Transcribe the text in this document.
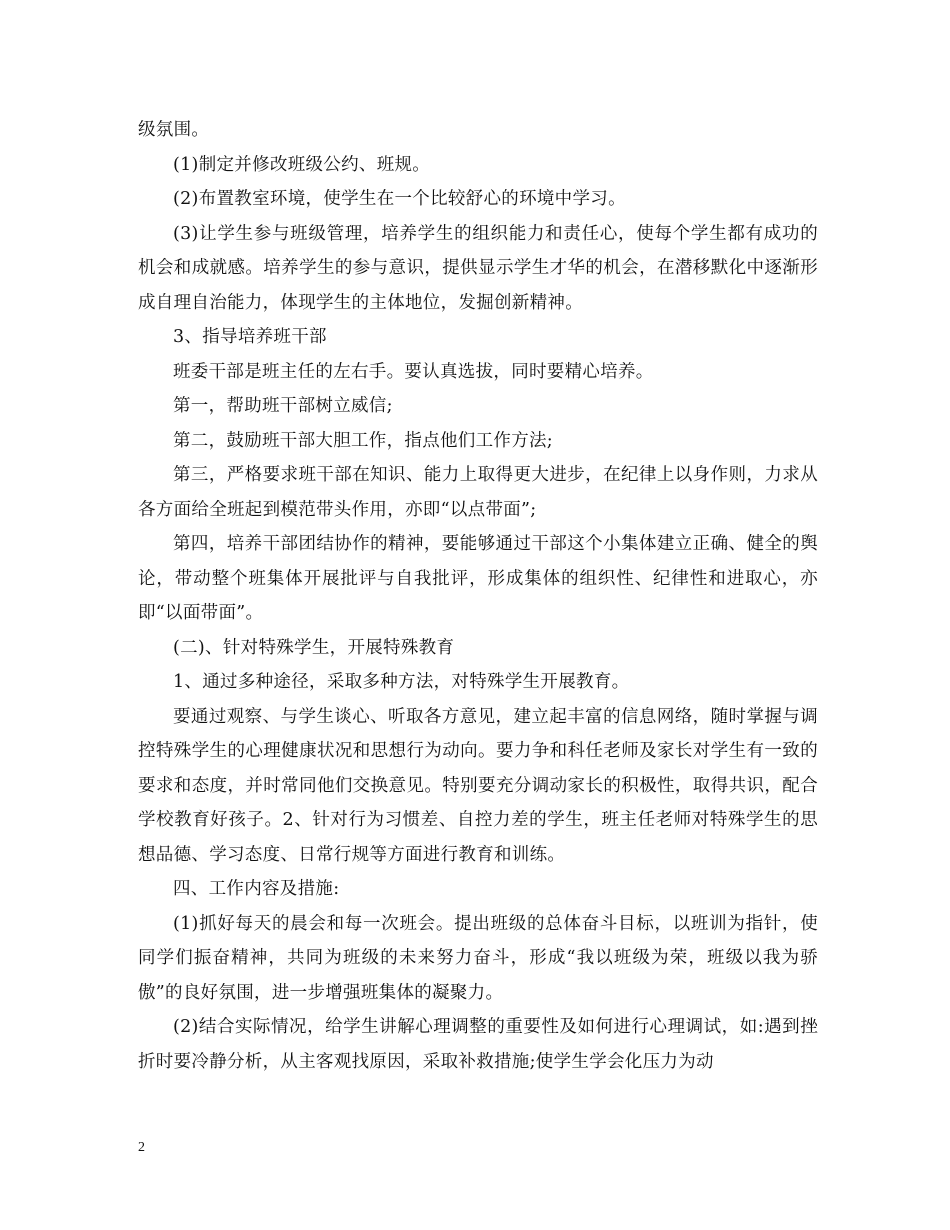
级氛围。

(1)制定并修改班级公约、班规。

(2)布置教室环境，使学生在一个比较舒心的环境中学习。

(3)让学生参与班级管理，培养学生的组织能力和责任心，使每个学生都有成功的机会和成就感。培养学生的参与意识，提供显示学生才华的机会，在潜移默化中逐渐形成自理自治能力，体现学生的主体地位，发掘创新精神。

3、指导培养班干部

班委干部是班主任的左右手。要认真选拔，同时要精心培养。

第一，帮助班干部树立威信;

第二，鼓励班干部大胆工作，指点他们工作方法;

第三，严格要求班干部在知识、能力上取得更大进步，在纪律上以身作则，力求从各方面给全班起到模范带头作用，亦即“以点带面”;

第四，培养干部团结协作的精神，要能够通过干部这个小集体建立正确、健全的舆论，带动整个班集体开展批评与自我批评，形成集体的组织性、纪律性和进取心，亦即“以面带面”。

(二)、针对特殊学生，开展特殊教育

1、通过多种途径，采取多种方法，对特殊学生开展教育。

要通过观察、与学生谈心、听取各方意见，建立起丰富的信息网络，随时掌握与调控特殊学生的心理健康状况和思想行为动向。要力争和科任老师及家长对学生有一致的要求和态度，并时常同他们交换意见。特别要充分调动家长的积极性，取得共识，配合学校教育好孩子。2、针对行为习惯差、自控力差的学生，班主任老师对特殊学生的思想品德、学习态度、日常行规等方面进行教育和训练。

四、工作内容及措施:

(1)抓好每天的晨会和每一次班会。提出班级的总体奋斗目标，以班训为指针，使同学们振奋精神，共同为班级的未来努力奋斗，形成“我以班级为荣，班级以我为骄傲”的良好氛围，进一步增强班集体的凝聚力。

(2)结合实际情况，给学生讲解心理调整的重要性及如何进行心理调试，如:遇到挫折时要冷静分析，从主客观找原因，采取补救措施;使学生学会化压力为动

2
